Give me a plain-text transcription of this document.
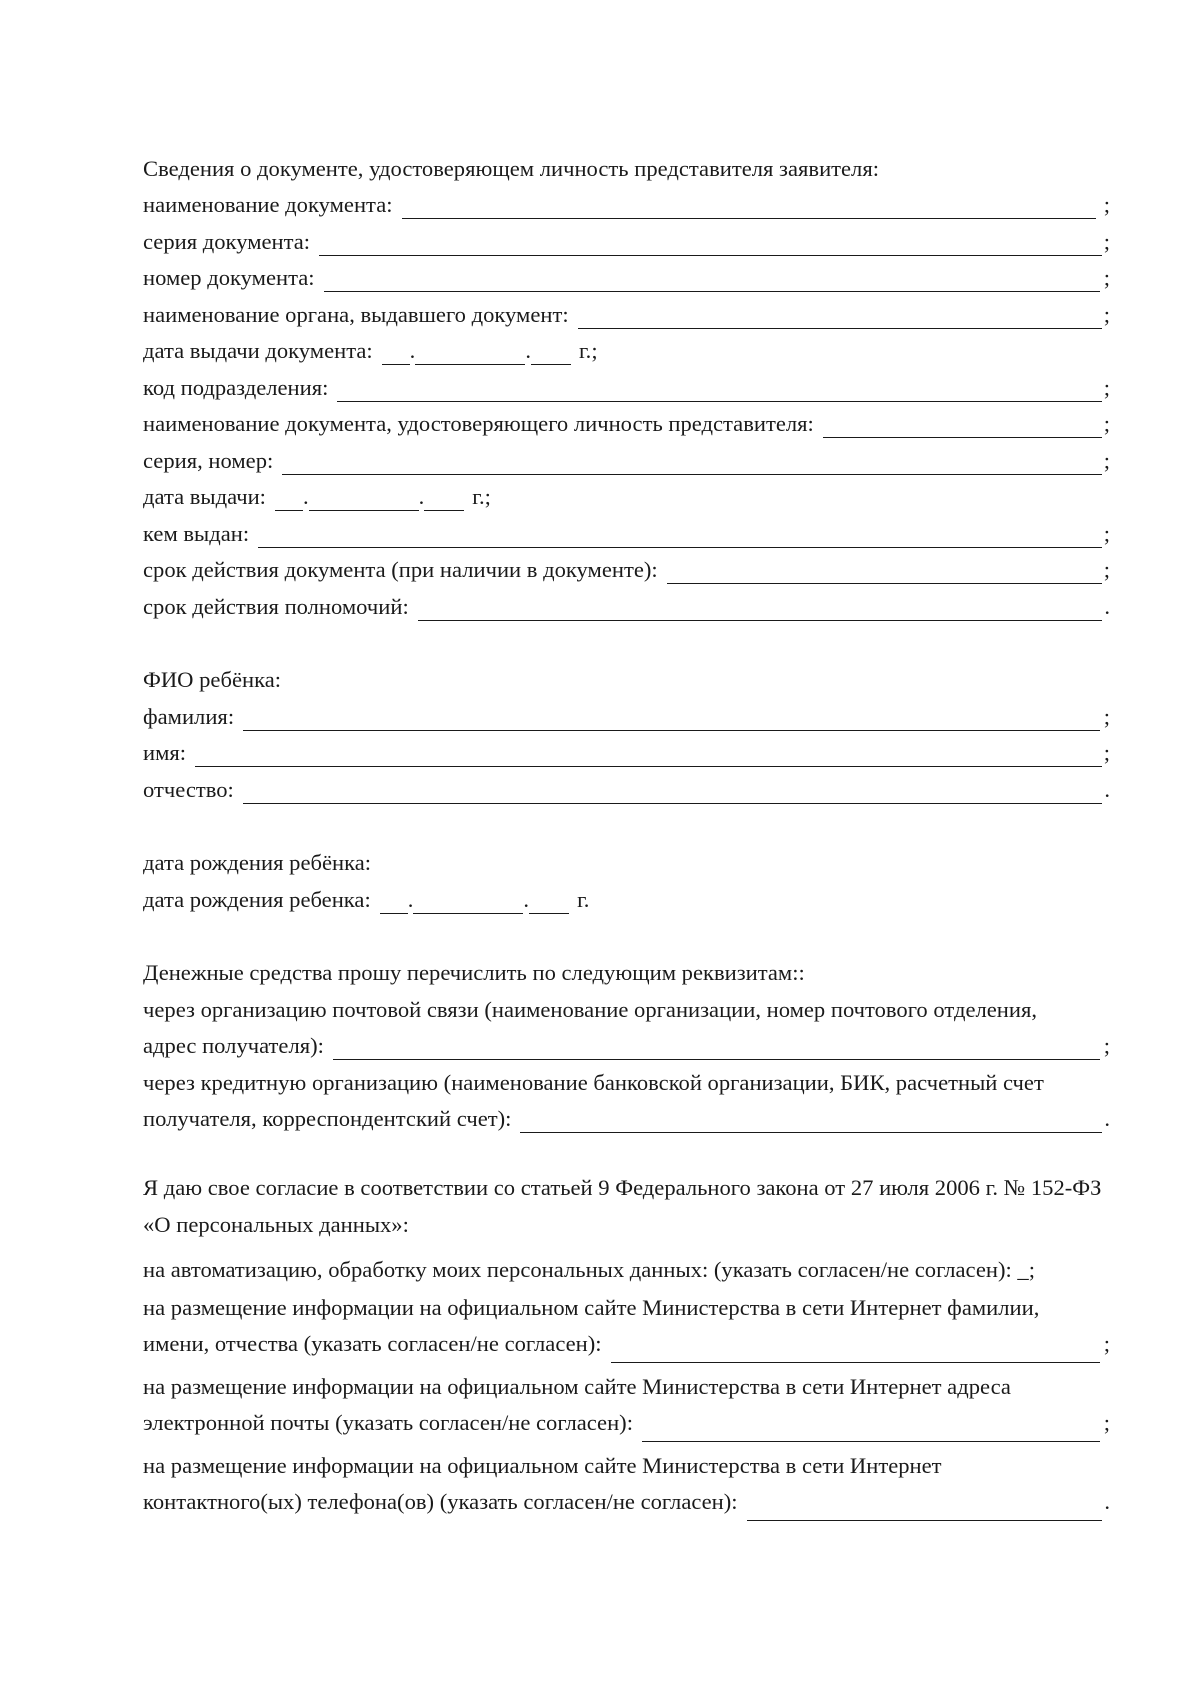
Сведения о документе, удостоверяющем личность представителя заявителя:
наименование документа:	;
серия документа:	;
номер документа:	;
наименование органа, выдавшего документ:	;
дата выдачи документа: .	. г.;
код подразделения:	;
наименование документа, удостоверяющего личность представителя:	;
серия, номер:	;
дата выдачи: .	. г.;
кем выдан:	;
срок действия документа (при наличии в документе):	;
срок действия полномочий:	.
ФИО ребёнка:
фамилия:	;
имя:	;
отчество:	.
дата рождения ребёнка:
дата рождения ребенка: .	. г.
Денежные средства прошу перечислить по следующим реквизитам::
через организацию почтовой связи (наименование организации, номер почтового отделения,
адрес получателя):	;
через кредитную организацию (наименование банковской организации, БИК, расчетный счет
получателя, корреспондентский счет):	.
Я даю свое согласие в соответствии со статьей 9 Федерального закона от 27 июля 2006 г. № 152-ФЗ «О персональных данных»:
на автоматизацию, обработку моих персональных данных: (указать согласен/не согласен): _;
на размещение информации на официальном сайте Министерства в сети Интернет фамилии,
имени, отчества (указать согласен/не согласен):	;
на размещение информации на официальном сайте Министерства в сети Интернет адреса
электронной почты (указать согласен/не согласен):	;
на размещение информации на официальном сайте Министерства в сети Интернет
контактного(ых) телефона(ов) (указать согласен/не согласен):	.
